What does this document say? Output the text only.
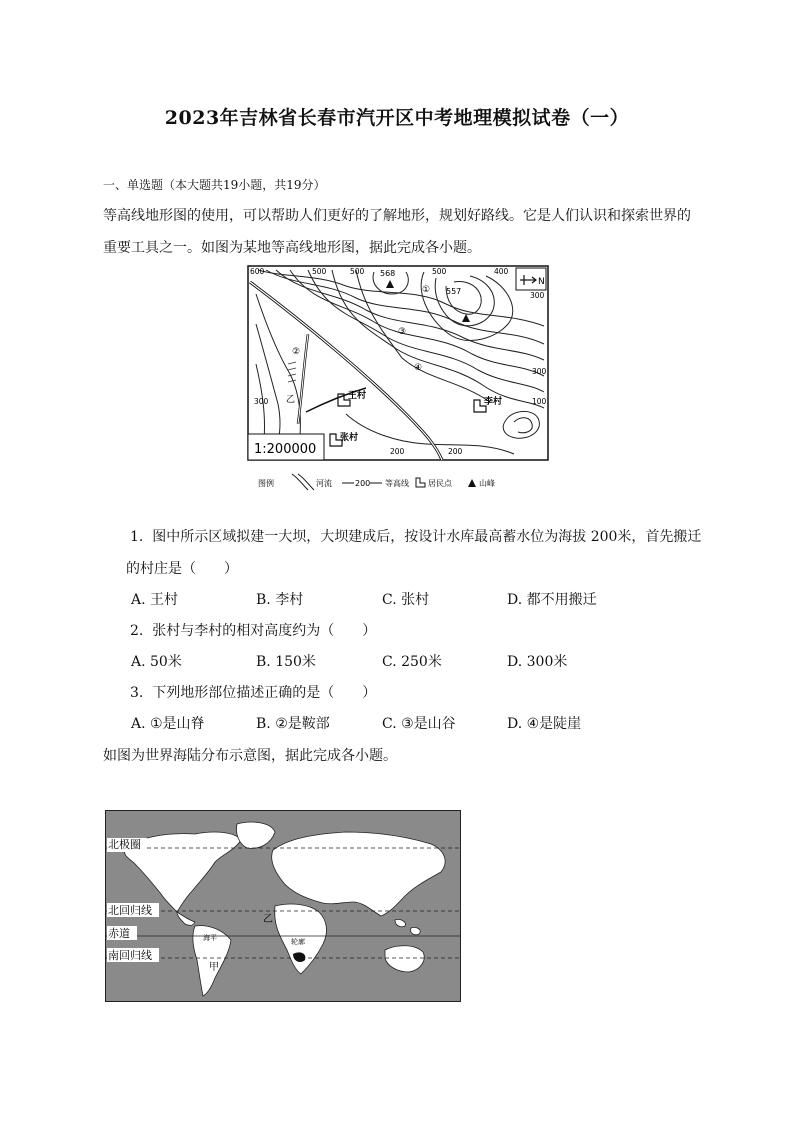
2023年吉林省长春市汽开区中考地理模拟试卷（一）
一、单选题（本大题共19小题，共19分）
等高线地形图的使用，可以帮助人们更好的了解地形，规划好路线。它是人们认识和探索世界的
重要工具之一。如图为某地等高线地形图，据此完成各小题。
600	500	500	500	400
300
300
300
200	200
100
568
557
①
②
③
④
乙	王村
李村
张村
1:200000
N
图例	河流	200 等高线 居民点	山峰
1. 图中所示区域拟建一大坝，大坝建成后，按设计水库最高蓄水位为海拔 200米，首先搬迁
的村庄是（　　）
A. 王村	B. 李村	C. 张村	D. 都不用搬迁
2. 张村与李村的相对高度约为（　　）
A. 50米	B. 150米	C. 250米	D. 300米
3. 下列地形部位描述正确的是（　　）
A. ①是山脊	B. ②是鞍部	C. ③是山谷	D. ④是陡崖
如图为世界海陆分布示意图，据此完成各小题。
北极圈
北回归线
赤道
南回归线
乙
甲
海平	轮廓
